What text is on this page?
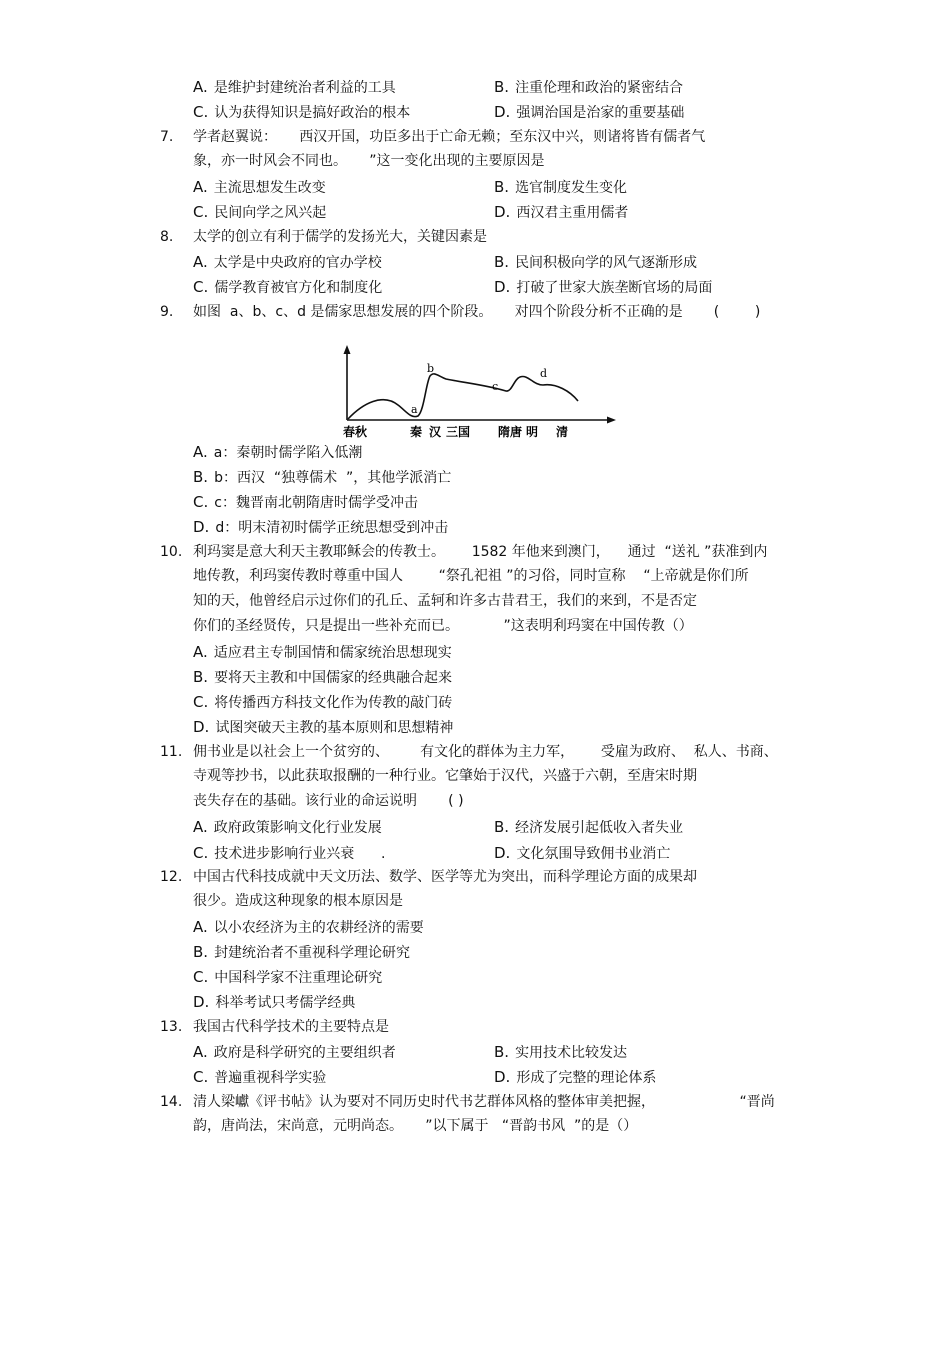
A. 是维护封建统治者利益的工具	B. 注重伦理和政治的紧密结合
C. 认为获得知识是搞好政治的根本	D. 强调治国是治家的重要基础
7. 学者赵翼说：     西汉开国，功臣多出于亡命无赖；至东汉中兴，则诸将皆有儒者气
象，亦一时风会不同也。     ”这一变化出现的主要原因是
A. 主流思想发生改变	B. 选官制度发生变化
C. 民间向学之风兴起	D. 西汉君主重用儒者
8. 太学的创立有利于儒学的发扬光大，关键因素是
A. 太学是中央政府的官办学校	B. 民间积极向学的风气逐渐形成
C. 儒学教育被官方化和制度化	D. 打破了世家大族垄断官场的局面
9. 如图  a、b、c、d 是儒家思想发展的四个阶段。     对四个阶段分析不正确的是       (        )
a
b
c
d
春秋	秦 汉 三国 隋唐 明 清
A. a：秦朝时儒学陷入低潮
B. b：西汉  “独尊儒术  ”，其他学派消亡
C. c：魏晋南北朝隋唐时儒学受冲击
D. d：明末清初时儒学正统思想受到冲击
10. 利玛窦是意大利天主教耶稣会的传教士。      1582 年他来到澳门，    通过  “送礼 ”获准到内
地传教，利玛窦传教时尊重中国人        “祭孔祀祖 ”的习俗，同时宣称    “上帝就是你们所
知的天，他曾经启示过你们的孔丘、孟轲和许多古昔君王，我们的来到，不是否定
你们的圣经贤传，只是提出一些补充而已。          ”这表明利玛窦在中国传教（）
A. 适应君主专制国情和儒家统治思想现实
B. 要将天主教和中国儒家的经典融合起来
C. 将传播西方科技文化作为传教的敲门砖
D. 试图突破天主教的基本原则和思想精神
11. 佣书业是以社会上一个贫穷的、       有文化的群体为主力军，      受雇为政府、  私人、书商、
寺观等抄书，以此获取报酬的一种行业。它肇始于汉代，兴盛于六朝，至唐宋时期
丧失存在的基础。该行业的命运说明       ( )
A. 政府政策影响文化行业发展	B. 经济发展引起低收入者失业
C. 技术进步影响行业兴衰      .	D. 文化氛围导致佣书业消亡
12. 中国古代科技成就中天文历法、数学、医学等尤为突出，而科学理论方面的成果却
很少。造成这种现象的根本原因是
A. 以小农经济为主的农耕经济的需要
B. 封建统治者不重视科学理论研究
C. 中国科学家不注重理论研究
D. 科举考试只考儒学经典
13. 我国古代科学技术的主要特点是
A. 政府是科学研究的主要组织者	B. 实用技术比较发达
C. 普遍重视科学实验	D. 形成了完整的理论体系
14. 清人梁巘《评书帖》认为要对不同历史时代书艺群体风格的整体审美把握，                   “晋尚
韵，唐尚法，宋尚意，元明尚态。     ”以下属于   “晋韵书风  ”的是（）
